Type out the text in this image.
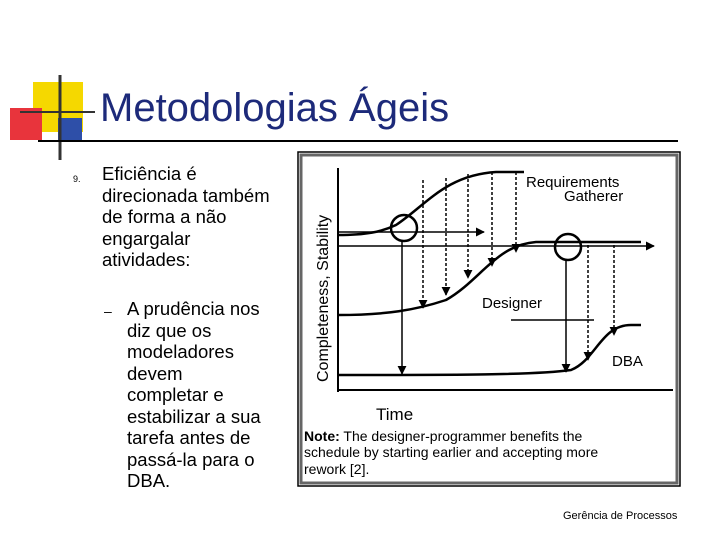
Metodologias Ágeis
9. Eficiência é direcionada também de forma a não engargalar atividades:
– A prudência nos diz que os modeladores devem completar e estabilizar a sua tarefa antes de passá-la para o DBA.
Completeness, Stability
Requirements
Gatherer
Designer
DBA
Time
Note: The designer-programmer benefits the
schedule by starting earlier and accepting more
rework [2].
Gerência de Processos
